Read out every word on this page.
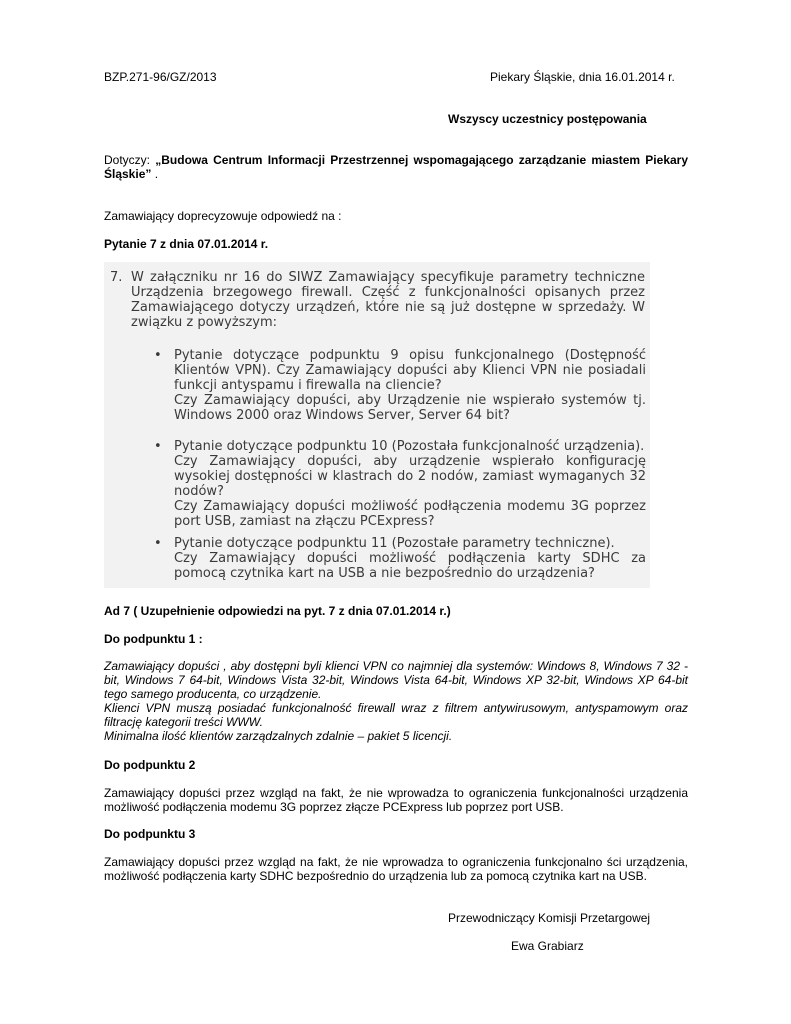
BZP.271-96/GZ/2013	Piekary Śląskie, dnia 16.01.2014 r.
Wszyscy uczestnicy postępowania
Dotyczy: „Budowa Centrum Informacji Przestrzennej wspomagającego zarządzanie miastem Piekary Śląskie” .
Zamawiający doprecyzowuje odpowiedź na :
Pytanie 7 z dnia 07.01.2014 r.
7. W załączniku nr 16 do SIWZ Zamawiający specyfikuje parametry techniczne Urządzenia brzegowego firewall. Część z funkcjonalności opisanych przez Zamawiającego dotyczy urządzeń, które nie są już dostępne w sprzedaży. W związku z powyższym:

• Pytanie dotyczące podpunktu 9 opisu funkcjonalnego (Dostępność Klientów VPN). Czy Zamawiający dopuści aby Klienci VPN nie posiadali funkcji antyspamu i firewalla na cliencie?

Czy Zamawiający dopuści, aby Urządzenie nie wspierało systemów tj. Windows 2000 oraz Windows Server, Server 64 bit?

• Pytanie dotyczące podpunktu 10 (Pozostała funkcjonalność urządzenia).

Czy Zamawiający dopuści, aby urządzenie wspierało konfigurację wysokiej dostępności w klastrach do 2 nodów, zamiast wymaganych 32 nodów?

Czy Zamawiający dopuści możliwość podłączenia modemu 3G poprzez port USB, zamiast na złączu PCExpress?

• Pytanie dotyczące podpunktu 11 (Pozostałe parametry techniczne).

Czy Zamawiający dopuści możliwość podłączenia karty SDHC za pomocą czytnika kart na USB a nie bezpośrednio do urządzenia?

Ad 7 ( Uzupełnienie odpowiedzi na pyt. 7 z dnia 07.01.2014 r.)
Do podpunktu 1 :

Zamawiający dopuści , aby dostępni byli klienci VPN co najmniej dla systemów: Windows 8, Windows 7 32 -bit, Windows 7 64-bit, Windows Vista 32-bit, Windows Vista 64-bit, Windows XP 32-bit, Windows XP 64-bit tego samego producenta, co urządzenie.

Klienci VPN muszą posiadać funkcjonalność firewall wraz z filtrem antywirusowym, antyspamowym oraz filtrację kategorii treści WWW.

Minimalna ilość klientów zarządzalnych zdalnie – pakiet 5 licencji.

Do podpunktu 2
Zamawiający dopuści przez wzgląd na fakt, że nie wprowadza to ograniczenia funkcjonalności urządzenia możliwość podłączenia modemu 3G poprzez złącze PCExpress lub poprzez port USB.
Do podpunktu 3
Zamawiający dopuści przez wzgląd na fakt, że nie wprowadza to ograniczenia funkcjonalno ści urządzenia, możliwość podłączenia karty SDHC bezpośrednio do urządzenia lub za pomocą czytnika kart na USB.
Przewodniczący Komisji Przetargowej
Ewa Grabiarz
